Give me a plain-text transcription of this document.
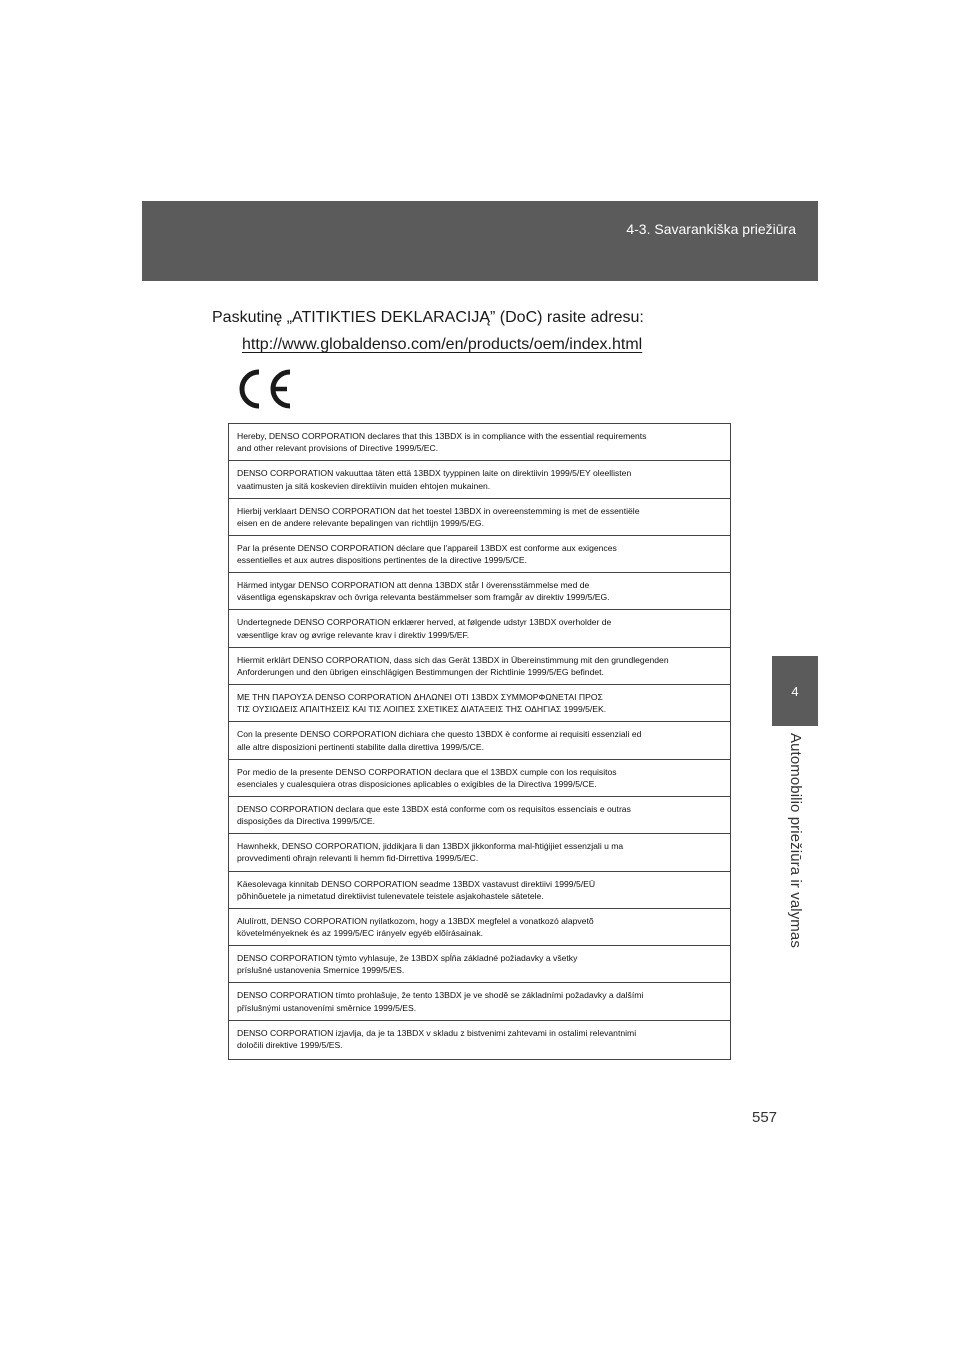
4-3. Savarankiška priežiūra
4
Automobilio priežiūra ir valymas
Paskutinę „ATITIKTIES DEKLARACIJĄ” (DoC) rasite adresu:
http://www.globaldenso.com/en/products/oem/index.html
Hereby, DENSO CORPORATION declares that this 13BDX is in compliance with the essential requirements
and other relevant provisions of Directive 1999/5/EC.
DENSO CORPORATION vakuuttaa täten että 13BDX tyyppinen laite on direktiivin 1999/5/EY oleellisten
vaatimusten ja sitä koskevien direktiivin muiden ehtojen mukainen.
Hierbij verklaart DENSO CORPORATION dat het toestel 13BDX in overeenstemming is met de essentiële
eisen en de andere relevante bepalingen van richtlijn 1999/5/EG.
Par la présente DENSO CORPORATION déclare que l'appareil 13BDX est conforme aux exigences
essentielles et aux autres dispositions pertinentes de la directive 1999/5/CE.
Härmed intygar DENSO CORPORATION att denna 13BDX står I överensstämmelse med de
väsentliga egenskapskrav och övriga relevanta bestämmelser som framgår av direktiv 1999/5/EG.
Undertegnede DENSO CORPORATION erklærer herved, at følgende udstyr 13BDX overholder de
væsentlige krav og øvrige relevante krav i direktiv 1999/5/EF.
Hiermit erklärt DENSO CORPORATION, dass sich das Gerät 13BDX in Übereinstimmung mit den grundlegenden
Anforderungen und den übrigen einschlägigen Bestimmungen der Richtlinie 1999/5/EG befindet.
ΜΕ ΤΗΝ ΠΑΡΟΥΣΑ DENSO CORPORATION ΔΗΛΩΝΕΙ ΟΤΙ 13BDX ΣΥΜΜΟΡΦΩΝΕΤΑΙ ΠΡΟΣ
ΤΙΣ ΟΥΣΙΩΔΕΙΣ ΑΠΑΙΤΗΣΕΙΣ ΚΑΙ ΤΙΣ ΛΟΙΠΕΣ ΣΧΕΤΙΚΕΣ ΔΙΑΤΑΞΕΙΣ ΤΗΣ ΟΔΗΓΙΑΣ 1999/5/ΕΚ.
Con la presente DENSO CORPORATION dichiara che questo 13BDX è conforme ai requisiti essenziali ed
alle altre disposizioni pertinenti stabilite dalla direttiva 1999/5/CE.
Por medio de la presente DENSO CORPORATION declara que el 13BDX cumple con los requisitos
esenciales y cualesquiera otras disposiciones aplicables o exigibles de la Directiva 1999/5/CE.
DENSO CORPORATION declara que este 13BDX está conforme com os requisitos essenciais e outras
disposições da Directiva 1999/5/CE.
Hawnhekk, DENSO CORPORATION, jiddikjara li dan 13BDX jikkonforma mal-ħtiġijiet essenzjali u ma
provvedimenti oħrajn relevanti li hemm fid-Dirrettiva 1999/5/EC.
Käesolevaga kinnitab DENSO CORPORATION seadme 13BDX vastavust direktiivi 1999/5/EÜ
põhinõuetele ja nimetatud direktiivist tulenevatele teistele asjakohastele sätetele.
Alulírott, DENSO CORPORATION nyilatkozom, hogy a 13BDX megfelel a vonatkozó alapvetõ
követelményeknek és az 1999/5/EC irányelv egyéb elõírásainak.
DENSO CORPORATION týmto vyhlasuje, že 13BDX spĺňa základné požiadavky a všetky
príslušné ustanovenia Smernice 1999/5/ES.
DENSO CORPORATION tímto prohlašuje, že tento 13BDX je ve shodě se základními požadavky a dalšími
příslušnými ustanoveními směrnice 1999/5/ES.
DENSO CORPORATION izjavlja, da je ta 13BDX v skladu z bistvenimi zahtevami in ostalimi relevantnimi
določili direktive 1999/5/ES.
557
